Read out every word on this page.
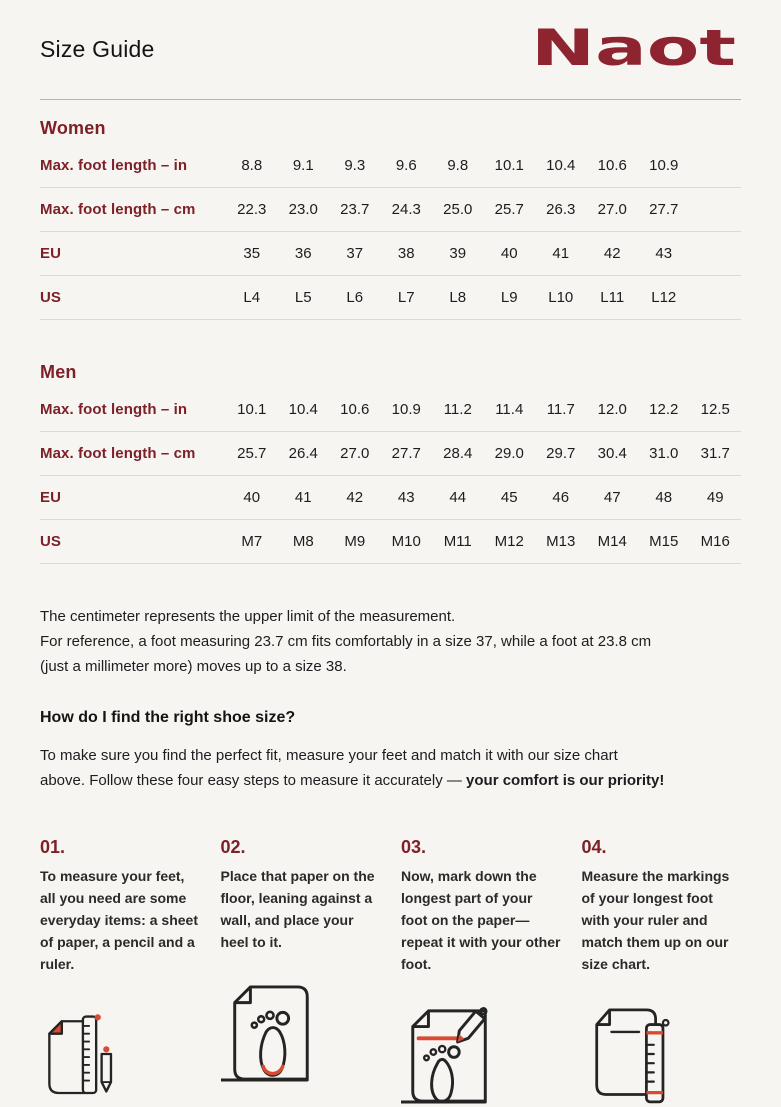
Size Guide	Naot
Women
Max. foot length – in	8.8	9.1	9.3	9.6	9.8	10.1	10.4	10.6	10.9	
Max. foot length – cm	22.3	23.0	23.7	24.3	25.0	25.7	26.3	27.0	27.7	
EU	35	36	37	38	39	40	41	42	43	
US	L4	L5	L6	L7	L8	L9	L10	L11	L12	
Men
Max. foot length – in	10.1	10.4	10.6	10.9	11.2	11.4	11.7	12.0	12.2	12.5
Max. foot length – cm	25.7	26.4	27.0	27.7	28.4	29.0	29.7	30.4	31.0	31.7
EU	40	41	42	43	44	45	46	47	48	49
US	M7	M8	M9	M10	M11	M12	M13	M14	M15	M16
The centimeter represents the upper limit of the measurement.
For reference, a foot measuring 23.7 cm fits comfortably in a size 37, while a foot at 23.8 cm
(just a millimeter more) moves up to a size 38.
How do I find the right shoe size?
To make sure you find the perfect fit, measure your feet and match it with our size chart
above. Follow these four easy steps to measure it accurately — your comfort is our priority!
01.
To measure your feet, all you need are some everyday items: a sheet of paper, a pencil and a ruler.
02.
Place that paper on the floor, leaning against a wall, and place your heel to it.
03.
Now, mark down the longest part of your foot on the paper—repeat it with your other foot.
04.
Measure the markings of your longest foot with your ruler and match them up on our size chart.
